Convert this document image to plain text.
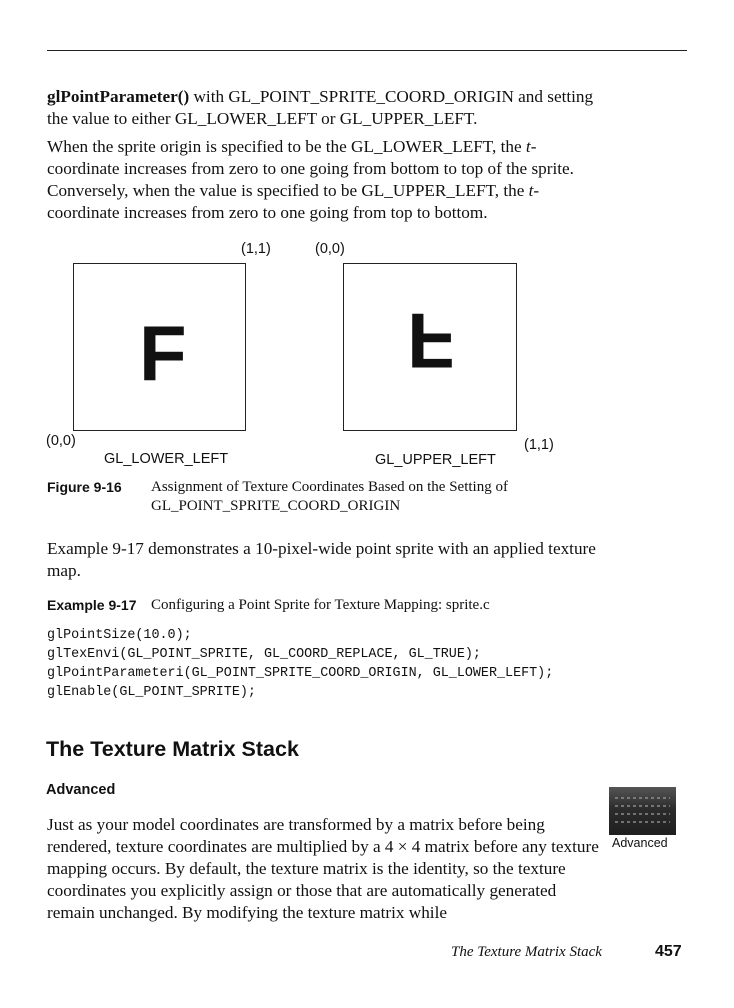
glPointParameter() with GL_POINT_SPRITE_COORD_ORIGIN and setting the value to either GL_LOWER_LEFT or GL_UPPER_LEFT.

When the sprite origin is specified to be the GL_LOWER_LEFT, the t-coordinate increases from zero to one going from bottom to top of the sprite. Conversely, when the value is specified to be GL_UPPER_LEFT, the t-coordinate increases from zero to one going from top to bottom.

(1,1)	(0,0)
F	F
(0,0)	(1,1)
GL_LOWER_LEFT	GL_UPPER_LEFT
Figure 9-16 Assignment of Texture Coordinates Based on the Setting of GL_POINT_SPRITE_COORD_ORIGIN

Example 9-17 demonstrates a 10-pixel-wide point sprite with an applied texture map.

Example 9-17 Configuring a Point Sprite for Texture Mapping: sprite.c
glPointSize(10.0);
glTexEnvi(GL_POINT_SPRITE, GL_COORD_REPLACE, GL_TRUE);
glPointParameteri(GL_POINT_SPRITE_COORD_ORIGIN, GL_LOWER_LEFT);
glEnable(GL_POINT_SPRITE);
The Texture Matrix Stack
Advanced

Just as your model coordinates are transformed by a matrix before being rendered, texture coordinates are multiplied by a 4 × 4 matrix before any texture mapping occurs. By default, the texture matrix is the identity, so the texture coordinates you explicitly assign or those that are automatically generated remain unchanged. By modifying the texture matrix while

Advanced
The Texture Matrix Stack	457
